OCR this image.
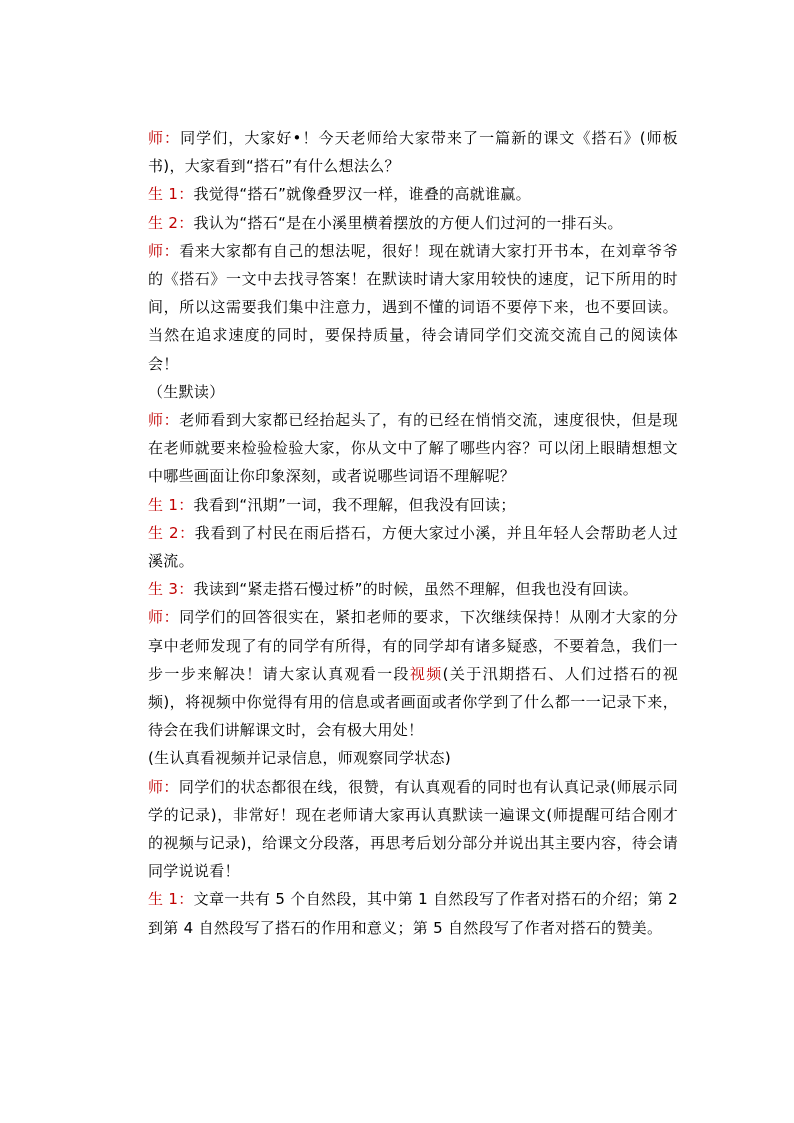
师：同学们，大家好•！今天老师给大家带来了一篇新的课文《搭石》(师板书)，大家看到“搭石”有什么想法么？

生 1：我觉得“搭石”就像叠罗汉一样，谁叠的高就谁赢。

生 2：我认为“搭石“是在小溪里横着摆放的方便人们过河的一排石头。

师：看来大家都有自己的想法呢，很好！现在就请大家打开书本，在刘章爷爷的《搭石》一文中去找寻答案！在默读时请大家用较快的速度，记下所用的时间，所以这需要我们集中注意力，遇到不懂的词语不要停下来，也不要回读。当然在追求速度的同时，要保持质量，待会请同学们交流交流自己的阅读体会！

（生默读）

师：老师看到大家都已经抬起头了，有的已经在悄悄交流，速度很快，但是现在老师就要来检验检验大家，你从文中了解了哪些内容？可以闭上眼睛想想文中哪些画面让你印象深刻，或者说哪些词语不理解呢？

生 1：我看到“汛期”一词，我不理解，但我没有回读；

生 2：我看到了村民在雨后搭石，方便大家过小溪，并且年轻人会帮助老人过溪流。

生 3：我读到“紧走搭石慢过桥”的时候，虽然不理解，但我也没有回读。

师：同学们的回答很实在，紧扣老师的要求，下次继续保持！从刚才大家的分享中老师发现了有的同学有所得，有的同学却有诸多疑惑，不要着急，我们一步一步来解决！请大家认真观看一段视频(关于汛期搭石、人们过搭石的视频)，将视频中你觉得有用的信息或者画面或者你学到了什么都一一记录下来，待会在我们讲解课文时，会有极大用处！

(生认真看视频并记录信息，师观察同学状态)

师：同学们的状态都很在线，很赞，有认真观看的同时也有认真记录(师展示同学的记录)，非常好！现在老师请大家再认真默读一遍课文(师提醒可结合刚才的视频与记录)，给课文分段落，再思考后划分部分并说出其主要内容，待会请同学说说看！

生 1：文章一共有 5 个自然段，其中第 1 自然段写了作者对搭石的介绍；第 2 到第 4 自然段写了搭石的作用和意义；第 5 自然段写了作者对搭石的赞美。
